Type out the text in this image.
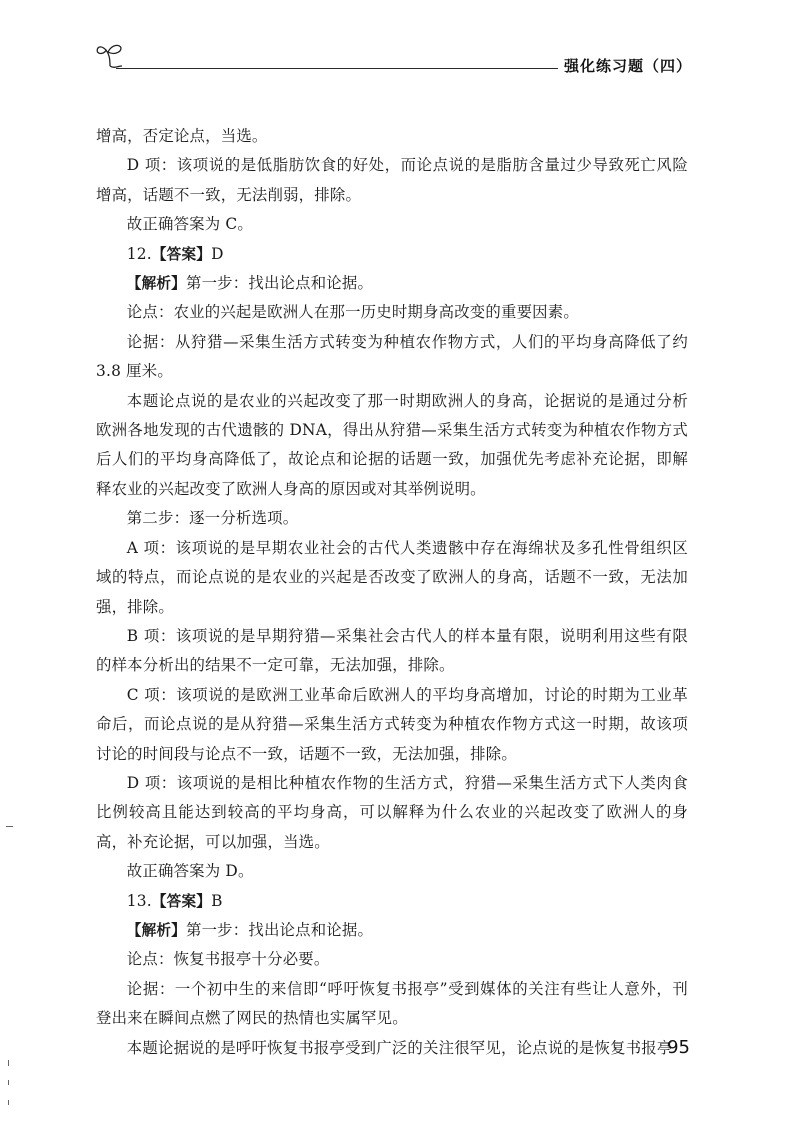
强化练习题（四）

增高，否定论点，当选。

D 项：该项说的是低脂肪饮食的好处，而论点说的是脂肪含量过少导致死亡风险增高，话题不一致，无法削弱，排除。

故正确答案为 C。

12.【答案】D

【解析】第一步：找出论点和论据。

论点：农业的兴起是欧洲人在那一历史时期身高改变的重要因素。

论据：从狩猎—采集生活方式转变为种植农作物方式，人们的平均身高降低了约 3.8 厘米。

本题论点说的是农业的兴起改变了那一时期欧洲人的身高，论据说的是通过分析欧洲各地发现的古代遗骸的 DNA，得出从狩猎—采集生活方式转变为种植农作物方式后人们的平均身高降低了，故论点和论据的话题一致，加强优先考虑补充论据，即解释农业的兴起改变了欧洲人身高的原因或对其举例说明。

第二步：逐一分析选项。

A 项：该项说的是早期农业社会的古代人类遗骸中存在海绵状及多孔性骨组织区域的特点，而论点说的是农业的兴起是否改变了欧洲人的身高，话题不一致，无法加强，排除。

B 项：该项说的是早期狩猎—采集社会古代人的样本量有限，说明利用这些有限的样本分析出的结果不一定可靠，无法加强，排除。

C 项：该项说的是欧洲工业革命后欧洲人的平均身高增加，讨论的时期为工业革命后，而论点说的是从狩猎—采集生活方式转变为种植农作物方式这一时期，故该项讨论的时间段与论点不一致，话题不一致，无法加强，排除。

D 项：该项说的是相比种植农作物的生活方式，狩猎—采集生活方式下人类肉食比例较高且能达到较高的平均身高，可以解释为什么农业的兴起改变了欧洲人的身高，补充论据，可以加强，当选。

故正确答案为 D。

13.【答案】B

【解析】第一步：找出论点和论据。

论点：恢复书报亭十分必要。

论据：一个初中生的来信即“呼吁恢复书报亭”受到媒体的关注有些让人意外，刊登出来在瞬间点燃了网民的热情也实属罕见。

本题论据说的是呼吁恢复书报亭受到广泛的关注很罕见，论点说的是恢复书报亭

95
